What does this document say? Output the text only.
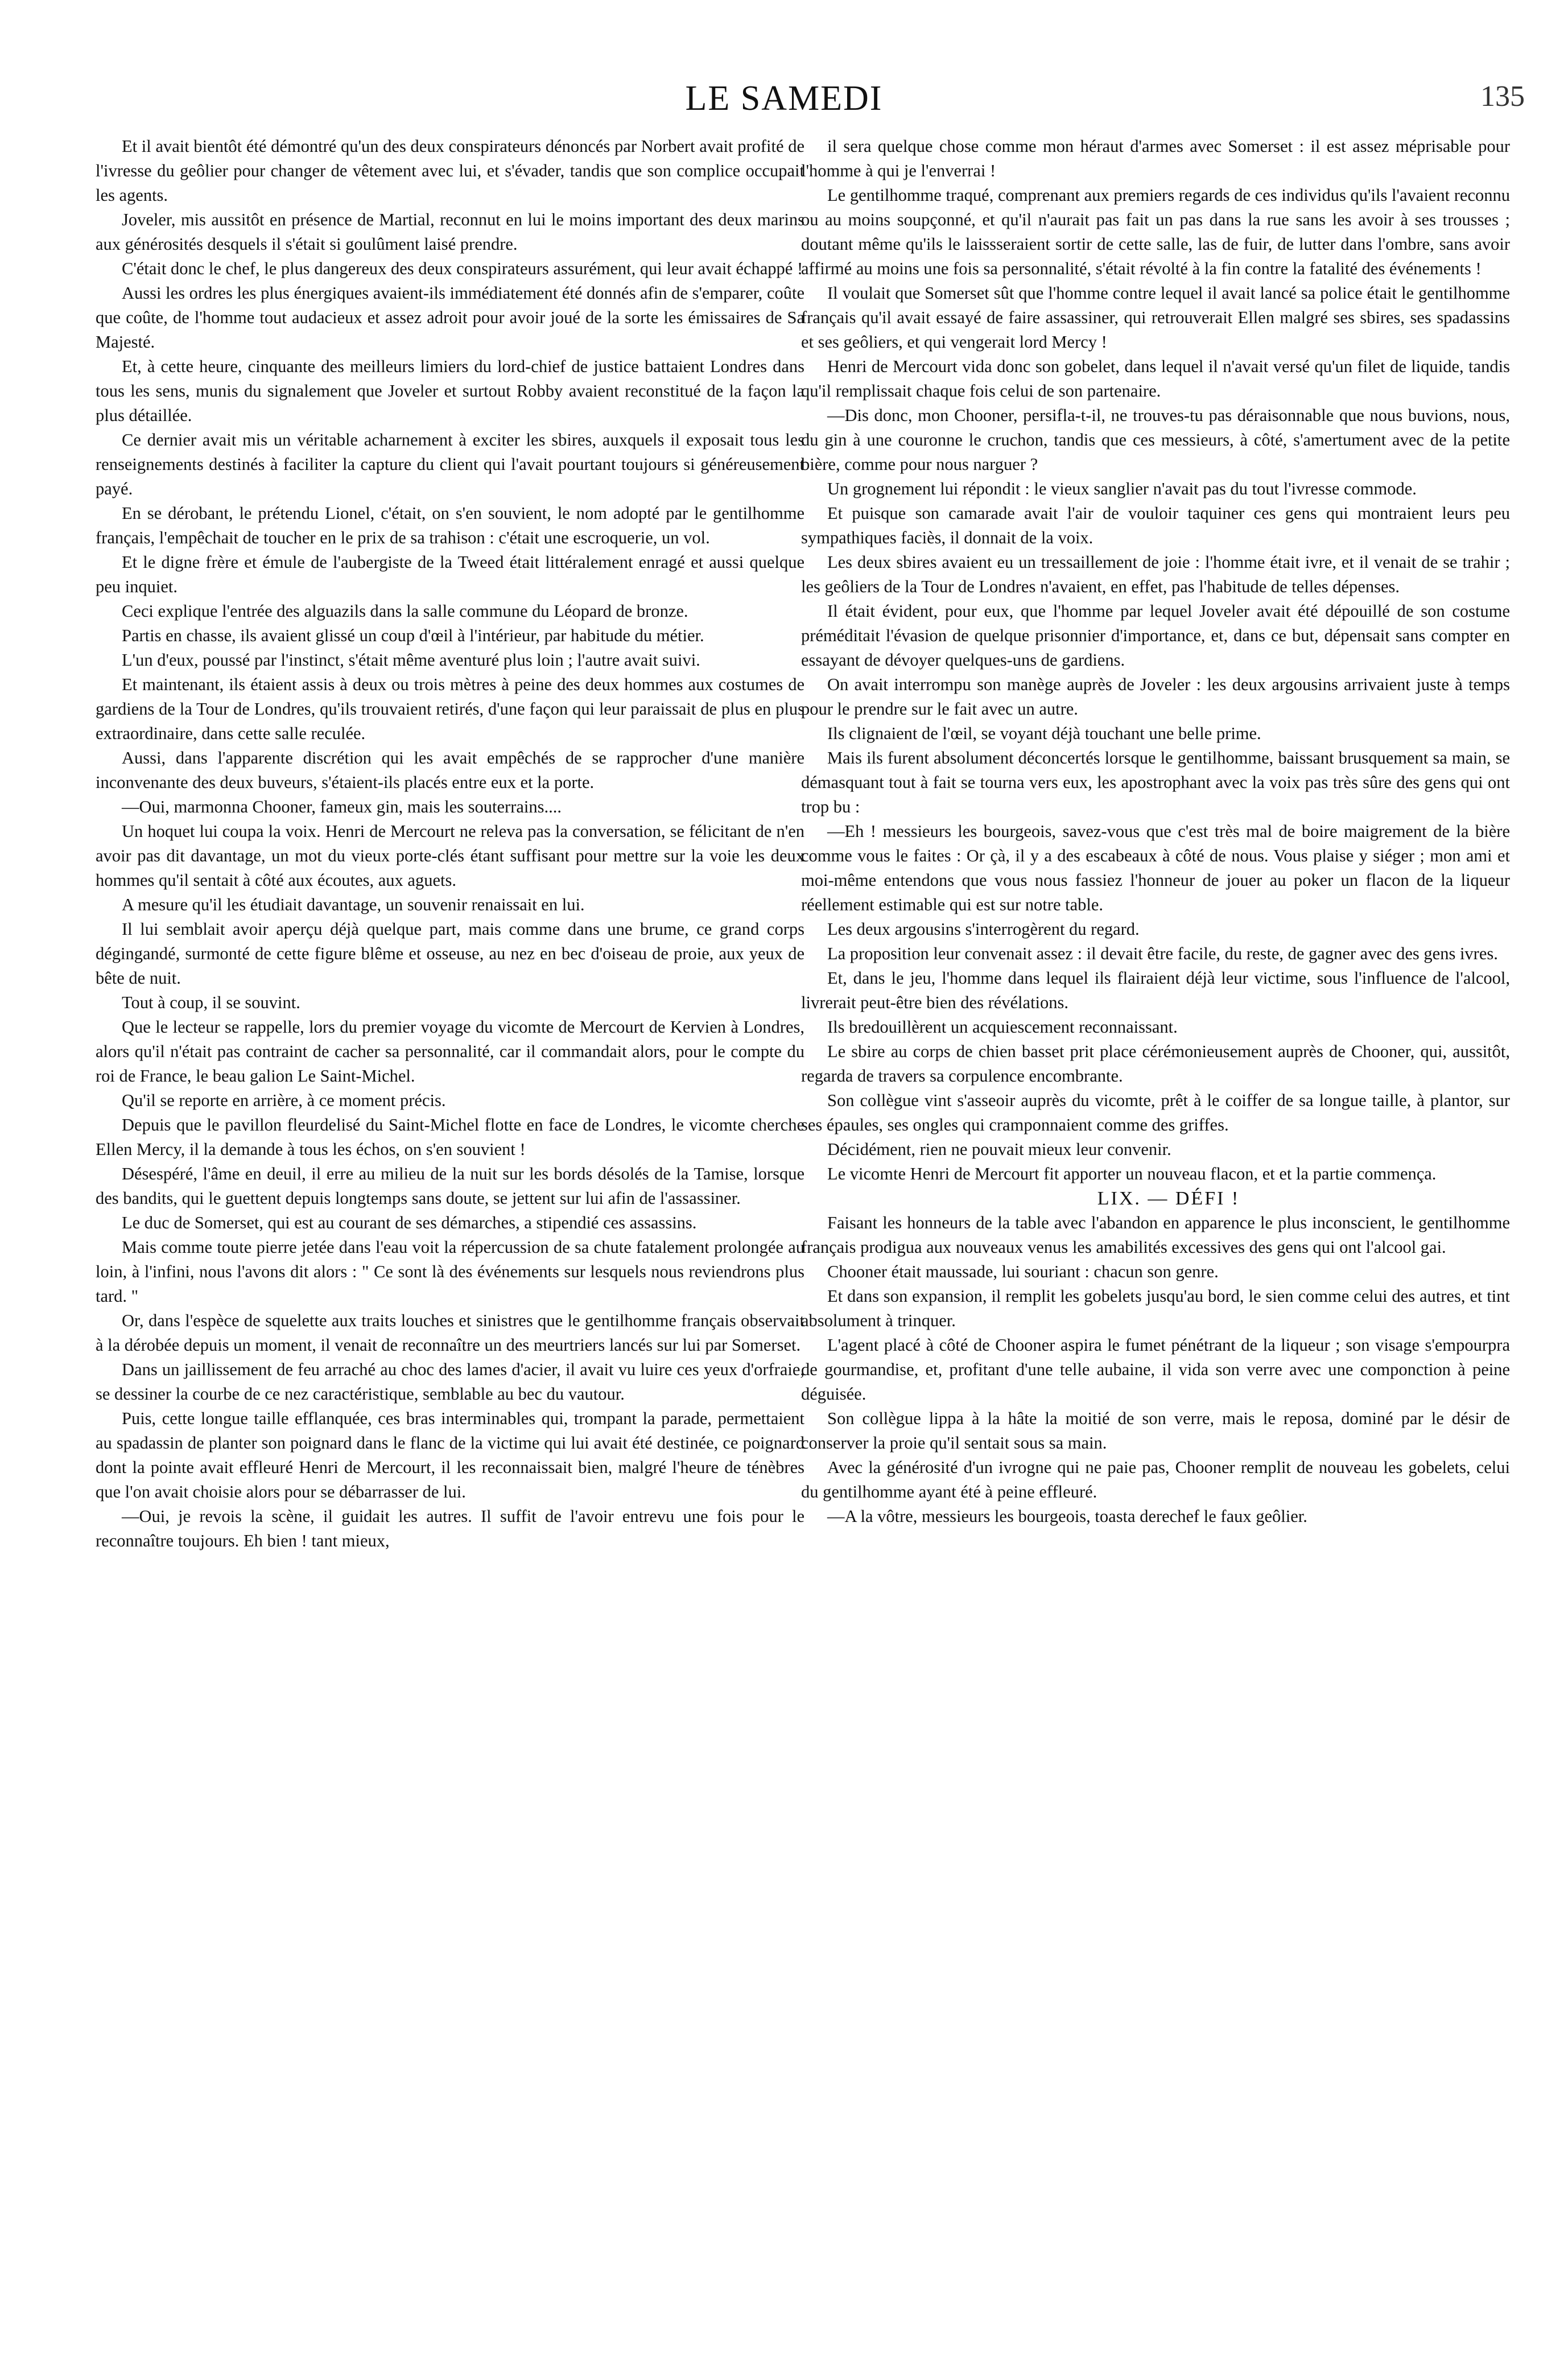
LE SAMEDI	135

Et il avait bientôt été démontré qu'un des deux conspirateurs dénoncés par Norbert avait profité de l'ivresse du geôlier pour changer de vêtement avec lui, et s'évader, tandis que son complice occupait les agents.

Joveler, mis aussitôt en présence de Martial, reconnut en lui le moins important des deux marins aux générosités desquels il s'était si goulûment laisé prendre.

C'était donc le chef, le plus dangereux des deux conspirateurs assurément, qui leur avait échappé !

Aussi les ordres les plus énergiques avaient-ils immédiatement été donnés afin de s'emparer, coûte que coûte, de l'homme tout audacieux et assez adroit pour avoir joué de la sorte les émissaires de Sa Majesté.

Et, à cette heure, cinquante des meilleurs limiers du lord-chief de justice battaient Londres dans tous les sens, munis du signalement que Joveler et surtout Robby avaient reconstitué de la façon la plus détaillée.

Ce dernier avait mis un véritable acharnement à exciter les sbires, auxquels il exposait tous les renseignements destinés à faciliter la capture du client qui l'avait pourtant toujours si généreusement payé.

En se dérobant, le prétendu Lionel, c'était, on s'en souvient, le nom adopté par le gentilhomme français, l'empêchait de toucher en le prix de sa trahison : c'était une escroquerie, un vol.

Et le digne frère et émule de l'aubergiste de la Tweed était littéralement enragé et aussi quelque peu inquiet.

Ceci explique l'entrée des alguazils dans la salle commune du Léopard de bronze.

Partis en chasse, ils avaient glissé un coup d'œil à l'intérieur, par habitude du métier.

L'un d'eux, poussé par l'instinct, s'était même aventuré plus loin ; l'autre avait suivi.

Et maintenant, ils étaient assis à deux ou trois mètres à peine des deux hommes aux costumes de gardiens de la Tour de Londres, qu'ils trouvaient retirés, d'une façon qui leur paraissait de plus en plus extraordinaire, dans cette salle reculée.

Aussi, dans l'apparente discrétion qui les avait empêchés de se rapprocher d'une manière inconvenante des deux buveurs, s'étaient-ils placés entre eux et la porte.

—Oui, marmonna Chooner, fameux gin, mais les souterrains....

Un hoquet lui coupa la voix. Henri de Mercourt ne releva pas la conversation, se félicitant de n'en avoir pas dit davantage, un mot du vieux porte-clés étant suffisant pour mettre sur la voie les deux hommes qu'il sentait à côté aux écoutes, aux aguets.

A mesure qu'il les étudiait davantage, un souvenir renaissait en lui.

Il lui semblait avoir aperçu déjà quelque part, mais comme dans une brume, ce grand corps dégingandé, surmonté de cette figure blême et osseuse, au nez en bec d'oiseau de proie, aux yeux de bête de nuit.

Tout à coup, il se souvint.

Que le lecteur se rappelle, lors du premier voyage du vicomte de Mercourt de Kervien à Londres, alors qu'il n'était pas contraint de cacher sa personnalité, car il commandait alors, pour le compte du roi de France, le beau galion Le Saint-Michel.

Qu'il se reporte en arrière, à ce moment précis.

Depuis que le pavillon fleurdelisé du Saint-Michel flotte en face de Londres, le vicomte cherche Ellen Mercy, il la demande à tous les échos, on s'en souvient !

Désespéré, l'âme en deuil, il erre au milieu de la nuit sur les bords désolés de la Tamise, lorsque des bandits, qui le guettent depuis longtemps sans doute, se jettent sur lui afin de l'assassiner.

Le duc de Somerset, qui est au courant de ses démarches, a stipendié ces assassins.

Mais comme toute pierre jetée dans l'eau voit la répercussion de sa chute fatalement prolongée au loin, à l'infini, nous l'avons dit alors : " Ce sont là des événements sur lesquels nous reviendrons plus tard. "

Or, dans l'espèce de squelette aux traits louches et sinistres que le gentilhomme français observait à la dérobée depuis un moment, il venait de reconnaître un des meurtriers lancés sur lui par Somerset.

Dans un jaillissement de feu arraché au choc des lames d'acier, il avait vu luire ces yeux d'orfraie, se dessiner la courbe de ce nez caractéristique, semblable au bec du vautour.

Puis, cette longue taille efflanquée, ces bras interminables qui, trompant la parade, permettaient au spadassin de planter son poignard dans le flanc de la victime qui lui avait été destinée, ce poignard dont la pointe avait effleuré Henri de Mercourt, il les reconnaissait bien, malgré l'heure de ténèbres que l'on avait choisie alors pour se débarrasser de lui.

—Oui, je revois la scène, il guidait les autres. Il suffit de l'avoir entrevu une fois pour le reconnaître toujours. Eh bien ! tant mieux,

il sera quelque chose comme mon héraut d'armes avec Somerset : il est assez méprisable pour l'homme à qui je l'enverrai !

Le gentilhomme traqué, comprenant aux premiers regards de ces individus qu'ils l'avaient reconnu ou au moins soupçonné, et qu'il n'aurait pas fait un pas dans la rue sans les avoir à ses trousses ; doutant même qu'ils le laissseraient sortir de cette salle, las de fuir, de lutter dans l'ombre, sans avoir affirmé au moins une fois sa personnalité, s'était révolté à la fin contre la fatalité des événements !

Il voulait que Somerset sût que l'homme contre lequel il avait lancé sa police était le gentilhomme français qu'il avait essayé de faire assassiner, qui retrouverait Ellen malgré ses sbires, ses spadassins et ses geôliers, et qui vengerait lord Mercy !

Henri de Mercourt vida donc son gobelet, dans lequel il n'avait versé qu'un filet de liquide, tandis qu'il remplissait chaque fois celui de son partenaire.

—Dis donc, mon Chooner, persifla-t-il, ne trouves-tu pas déraisonnable que nous buvions, nous, du gin à une couronne le cruchon, tandis que ces messieurs, à côté, s'amertument avec de la petite bière, comme pour nous narguer ?

Un grognement lui répondit : le vieux sanglier n'avait pas du tout l'ivresse commode.

Et puisque son camarade avait l'air de vouloir taquiner ces gens qui montraient leurs peu sympathiques faciès, il donnait de la voix.

Les deux sbires avaient eu un tressaillement de joie : l'homme était ivre, et il venait de se trahir ; les geôliers de la Tour de Londres n'avaient, en effet, pas l'habitude de telles dépenses.

Il était évident, pour eux, que l'homme par lequel Joveler avait été dépouillé de son costume préméditait l'évasion de quelque prisonnier d'importance, et, dans ce but, dépensait sans compter en essayant de dévoyer quelques-uns de gardiens.

On avait interrompu son manège auprès de Joveler : les deux argousins arrivaient juste à temps pour le prendre sur le fait avec un autre.

Ils clignaient de l'œil, se voyant déjà touchant une belle prime.

Mais ils furent absolument déconcertés lorsque le gentilhomme, baissant brusquement sa main, se démasquant tout à fait se tourna vers eux, les apostrophant avec la voix pas très sûre des gens qui ont trop bu :

—Eh ! messieurs les bourgeois, savez-vous que c'est très mal de boire maigrement de la bière comme vous le faites : Or çà, il y a des escabeaux à côté de nous. Vous plaise y siéger ; mon ami et moi-même entendons que vous nous fassiez l'honneur de jouer au poker un flacon de la liqueur réellement estimable qui est sur notre table.

Les deux argousins s'interrogèrent du regard.

La proposition leur convenait assez : il devait être facile, du reste, de gagner avec des gens ivres.

Et, dans le jeu, l'homme dans lequel ils flairaient déjà leur victime, sous l'influence de l'alcool, livrerait peut-être bien des révélations.

Ils bredouillèrent un acquiescement reconnaissant.

Le sbire au corps de chien basset prit place cérémonieusement auprès de Chooner, qui, aussitôt, regarda de travers sa corpulence encombrante.

Son collègue vint s'asseoir auprès du vicomte, prêt à le coiffer de sa longue taille, à plantor, sur ses épaules, ses ongles qui cramponnaient comme des griffes.

Décidément, rien ne pouvait mieux leur convenir.

Le vicomte Henri de Mercourt fit apporter un nouveau flacon, et et la partie commença.

LIX. — DÉFI !

Faisant les honneurs de la table avec l'abandon en apparence le plus inconscient, le gentilhomme français prodigua aux nouveaux venus les amabilités excessives des gens qui ont l'alcool gai.

Chooner était maussade, lui souriant : chacun son genre.

Et dans son expansion, il remplit les gobelets jusqu'au bord, le sien comme celui des autres, et tint absolument à trinquer.

L'agent placé à côté de Chooner aspira le fumet pénétrant de la liqueur ; son visage s'empourpra de gourmandise, et, profitant d'une telle aubaine, il vida son verre avec une componction à peine déguisée.

Son collègue lippa à la hâte la moitié de son verre, mais le reposa, dominé par le désir de conserver la proie qu'il sentait sous sa main.

Avec la générosité d'un ivrogne qui ne paie pas, Chooner remplit de nouveau les gobelets, celui du gentilhomme ayant été à peine effleuré.

—A la vôtre, messieurs les bourgeois, toasta derechef le faux geôlier.
